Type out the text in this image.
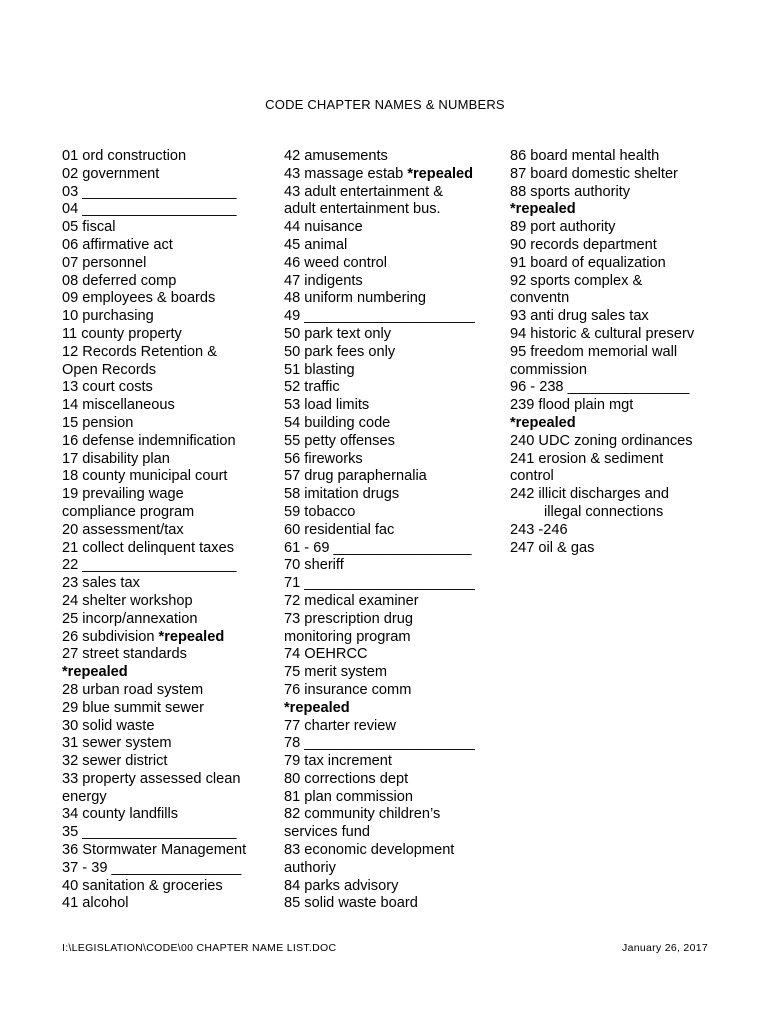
CODE CHAPTER NAMES & NUMBERS
01 ord construction
02 government
03 ___________________
04 ___________________
05 fiscal
06 affirmative act
07 personnel
08 deferred comp
09 employees & boards
10 purchasing
11 county property
12 Records Retention &
Open Records
13 court costs
14 miscellaneous
15 pension
16 defense indemnification
17 disability plan
18 county municipal court
19 prevailing wage
compliance program
20 assessment/tax
21 collect delinquent taxes
22 ___________________
23 sales tax
24 shelter workshop
25 incorp/annexation
26 subdivision *repealed
27 street standards
*repealed
28 urban road system
29 blue summit sewer
30 solid waste
31 sewer system
32 sewer district
33 property assessed clean
energy
34 county landfills
35 ___________________
36 Stormwater Management
37 - 39 ________________
40 sanitation & groceries
41 alcohol
42 amusements
43 massage estab *repealed
43 adult entertainment &
adult entertainment bus.
44 nuisance
45 animal
46 weed control
47 indigents
48 uniform numbering
49 _____________________
50 park text only
50 park fees only
51 blasting
52 traffic
53 load limits
54 building code
55 petty offenses
56 fireworks
57 drug paraphernalia
58 imitation drugs
59 tobacco
60 residential fac
61 - 69 _________________
70 sheriff
71 _____________________
72 medical examiner
73 prescription drug
monitoring program
74 OEHRCC
75 merit system
76 insurance comm
*repealed
77 charter review
78 _____________________
79 tax increment
80 corrections dept
81 plan commission
82 community children’s
services fund
83 economic development
authoriy
84 parks advisory
85 solid waste board
86 board mental health
87 board domestic shelter
88 sports authority
*repealed
89 port authority
90 records department
91 board of equalization
92 sports complex &
conventn
93 anti drug sales tax
94 historic & cultural preserv
95 freedom memorial wall
commission
96 - 238 _______________
239 flood plain mgt
*repealed
240 UDC zoning ordinances
241 erosion & sediment
control
242 illicit discharges and
illegal connections
243 -246
247 oil & gas
I:\LEGISLATION\CODE\00 CHAPTER NAME LIST.DOC	January 26, 2017
